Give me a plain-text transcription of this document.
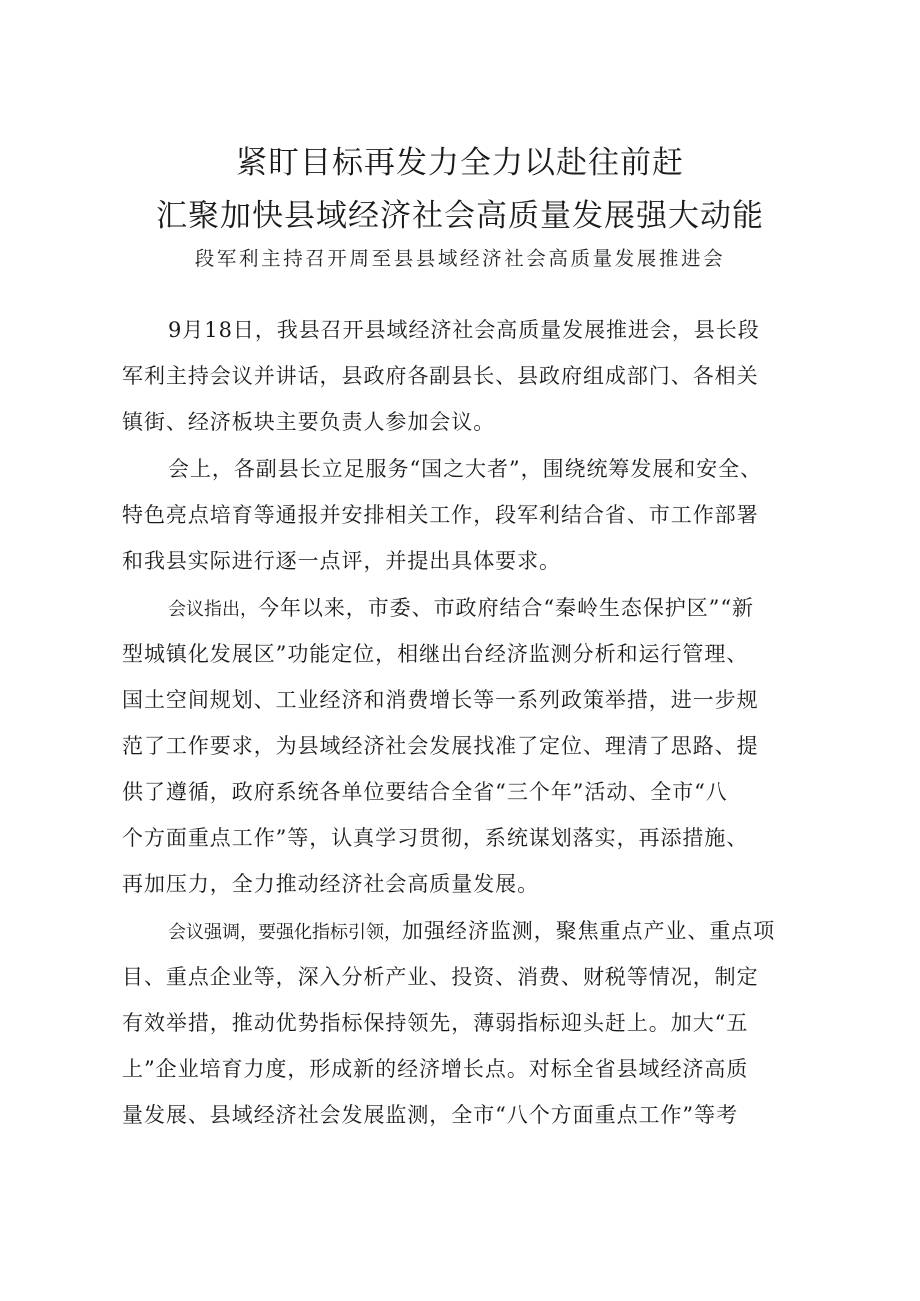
紧盯目标再发力全力以赴往前赶
汇聚加快县域经济社会高质量发展强大动能
段军利主持召开周至县县域经济社会高质量发展推进会
9月18日，我县召开县域经济社会高质量发展推进会，县长段
军利主持会议并讲话，县政府各副县长、县政府组成部门、各相关
镇街、经济板块主要负责人参加会议。
会上，各副县长立足服务“国之大者”，围绕统筹发展和安全、
特色亮点培育等通报并安排相关工作，段军利结合省、市工作部署
和我县实际进行逐一点评，并提出具体要求。
会议指出，今年以来，市委、市政府结合“秦岭生态保护区”“新
型城镇化发展区”功能定位，相继出台经济监测分析和运行管理、
国土空间规划、工业经济和消费增长等一系列政策举措，进一步规
范了工作要求，为县域经济社会发展找准了定位、理清了思路、提
供了遵循，政府系统各单位要结合全省“三个年”活动、全市“八
个方面重点工作”等，认真学习贯彻，系统谋划落实，再添措施、
再加压力，全力推动经济社会高质量发展。
会议强调，要强化指标引领，加强经济监测，聚焦重点产业、重点项
目、重点企业等，深入分析产业、投资、消费、财税等情况，制定
有效举措，推动优势指标保持领先，薄弱指标迎头赶上。加大“五
上”企业培育力度，形成新的经济增长点。对标全省县域经济高质
量发展、县域经济社会发展监测，全市“八个方面重点工作”等考
